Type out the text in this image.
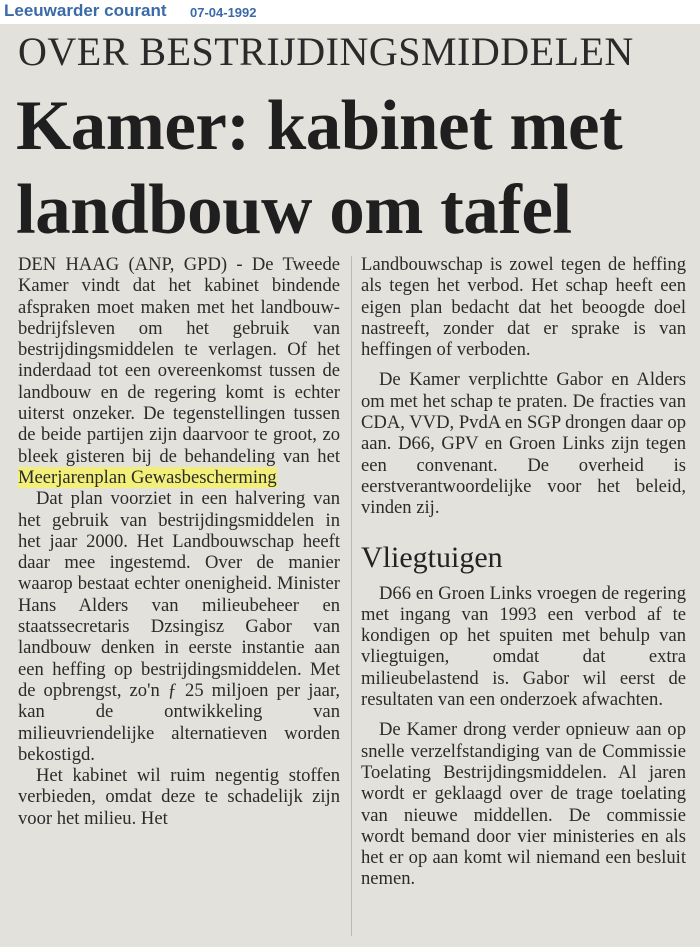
Leeuwarder courant 07-04-1992
OVER BESTRIJDINGSMIDDELEN
Kamer: kabinet met landbouw om tafel

DEN HAAG (ANP, GPD) - De Tweede Kamer vindt dat het kabinet bindende afspraken moet maken met het landbouwbedrijfsleven om het gebruik van bestrijdingsmiddelen te verlagen. Of het inderdaad tot een overeenkomst tussen de landbouw en de regering komt is echter uiterst onzeker. De tegenstellingen tussen de beide partijen zijn daarvoor te groot, zo bleek gisteren bij de behandeling van het Meerjarenplan Gewasbescherming

Dat plan voorziet in een halvering van het gebruik van bestrijdingsmiddelen in het jaar 2000. Het Landbouwschap heeft daar mee ingestemd. Over de manier waarop bestaat echter onenigheid. Minister Hans Alders van milieubeheer en staatssecretaris Dzsingisz Gabor van landbouw denken in eerste instantie aan een heffing op bestrijdingsmiddelen. Met de opbrengst, zo'n ƒ 25 miljoen per jaar, kan de ontwikkeling van milieuvriendelijke alternatieven worden bekostigd.

Het kabinet wil ruim negentig stoffen verbieden, omdat deze te schadelijk zijn voor het milieu. Het

Landbouwschap is zowel tegen de heffing als tegen het verbod. Het schap heeft een eigen plan bedacht dat het beoogde doel nastreeft, zonder dat er sprake is van heffingen of verboden.

De Kamer verplichtte Gabor en Alders om met het schap te praten. De fracties van CDA, VVD, PvdA en SGP drongen daar op aan. D66, GPV en Groen Links zijn tegen een convenant. De overheid is eerstverantwoordelijke voor het beleid, vinden zij.

Vliegtuigen

D66 en Groen Links vroegen de regering met ingang van 1993 een verbod af te kondigen op het spuiten met behulp van vliegtuigen, omdat dat extra milieubelastend is. Gabor wil eerst de resultaten van een onderzoek afwachten.

De Kamer drong verder opnieuw aan op snelle verzelfstandiging van de Commissie Toelating Bestrijdingsmiddelen. Al jaren wordt er geklaagd over de trage toelating van nieuwe middellen. De commissie wordt bemand door vier ministeries en als het er op aan komt wil niemand een besluit nemen.
